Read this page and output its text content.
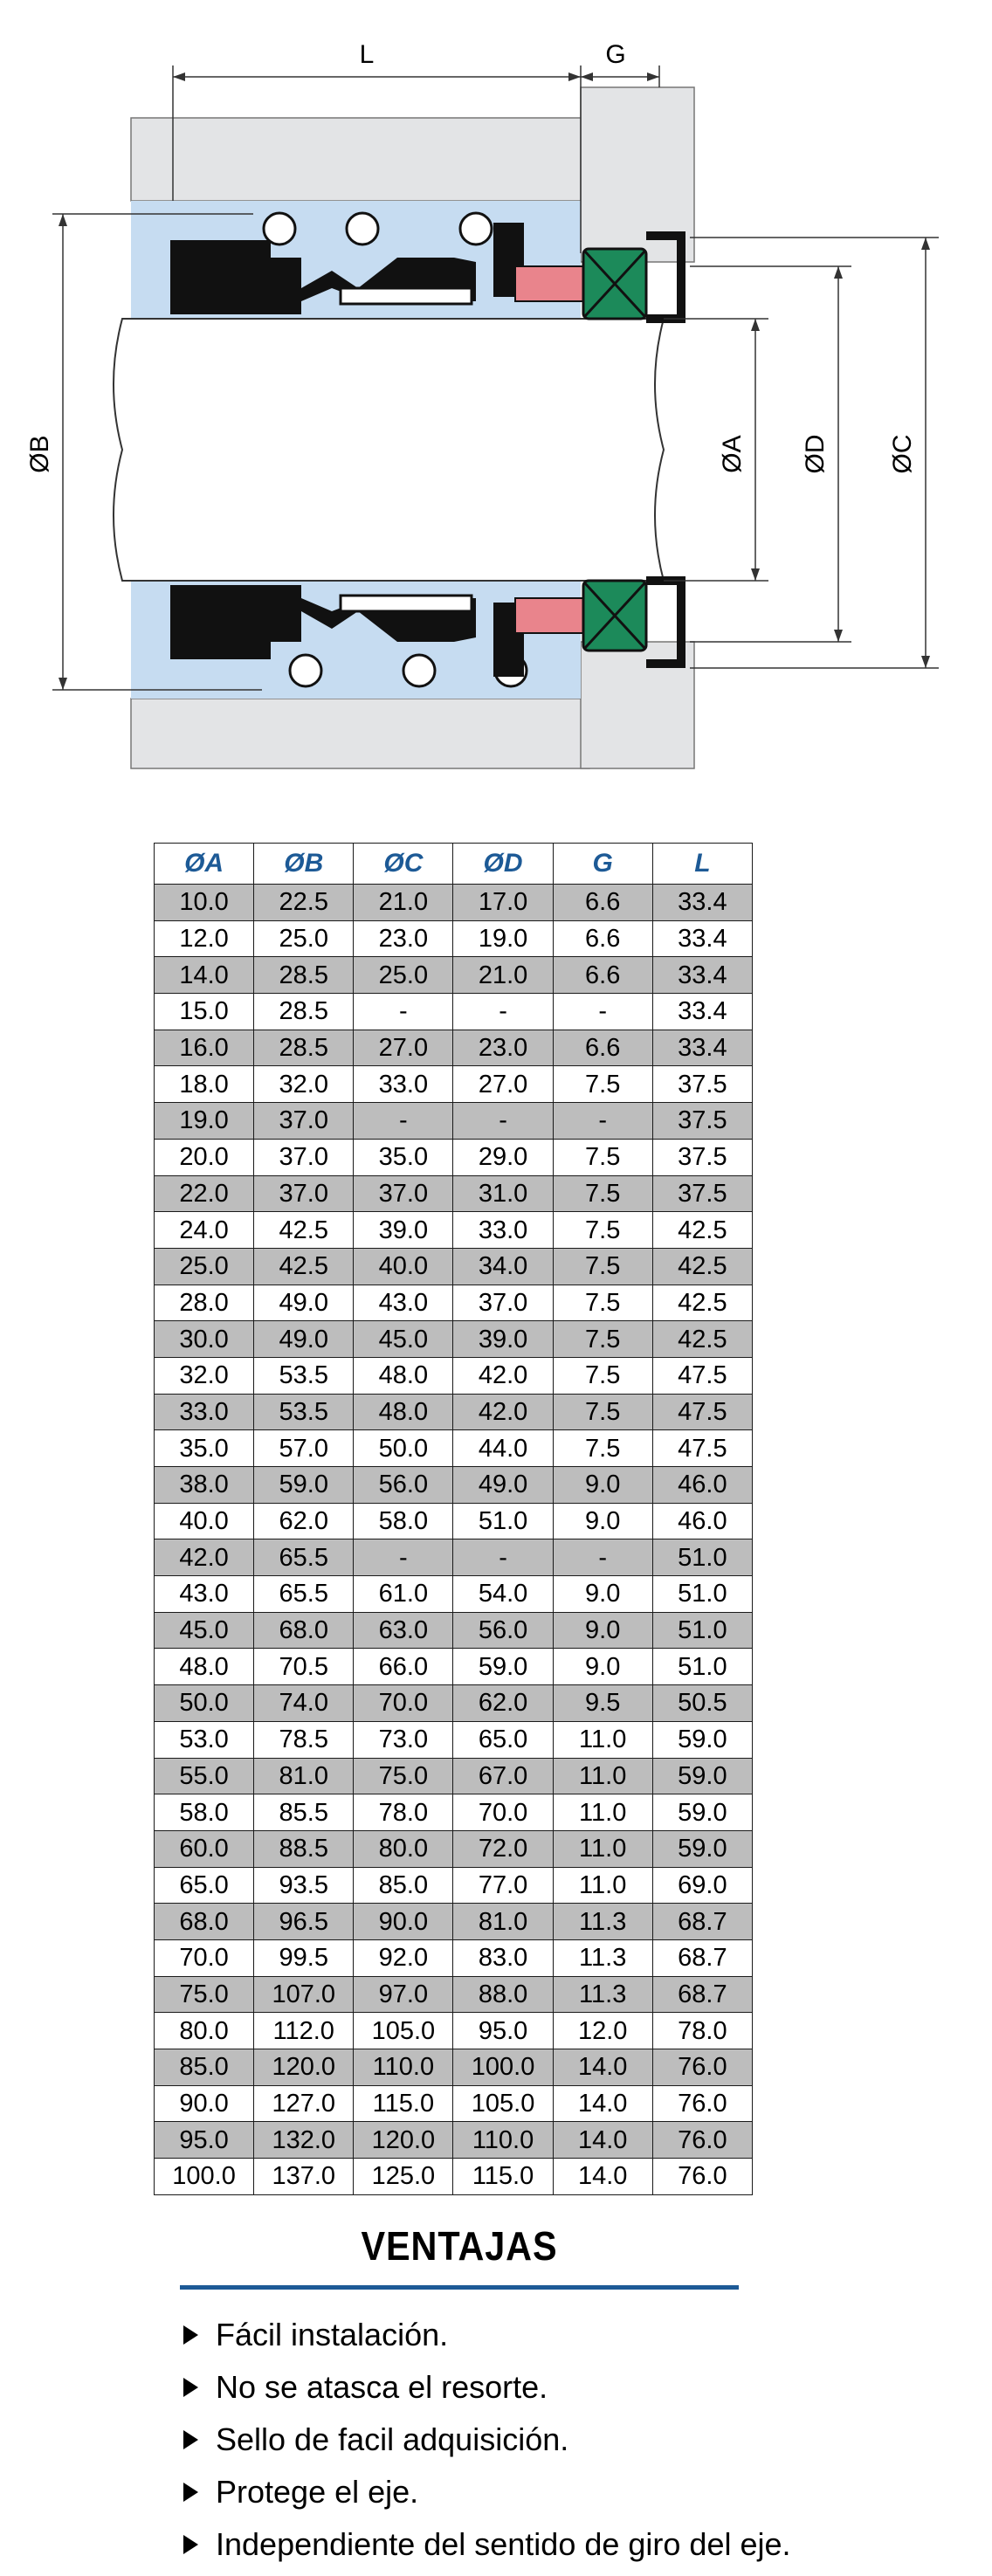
L	G
ØB	ØA ØD ØC
ØA	ØB	ØC	ØD	G	L
10.0	22.5	21.0	17.0	6.6	33.4
12.0	25.0	23.0	19.0	6.6	33.4
14.0	28.5	25.0	21.0	6.6	33.4
15.0	28.5	-	-	-	33.4
16.0	28.5	27.0	23.0	6.6	33.4
18.0	32.0	33.0	27.0	7.5	37.5
19.0	37.0	-	-	-	37.5
20.0	37.0	35.0	29.0	7.5	37.5
22.0	37.0	37.0	31.0	7.5	37.5
24.0	42.5	39.0	33.0	7.5	42.5
25.0	42.5	40.0	34.0	7.5	42.5
28.0	49.0	43.0	37.0	7.5	42.5
30.0	49.0	45.0	39.0	7.5	42.5
32.0	53.5	48.0	42.0	7.5	47.5
33.0	53.5	48.0	42.0	7.5	47.5
35.0	57.0	50.0	44.0	7.5	47.5
38.0	59.0	56.0	49.0	9.0	46.0
40.0	62.0	58.0	51.0	9.0	46.0
42.0	65.5	-	-	-	51.0
43.0	65.5	61.0	54.0	9.0	51.0
45.0	68.0	63.0	56.0	9.0	51.0
48.0	70.5	66.0	59.0	9.0	51.0
50.0	74.0	70.0	62.0	9.5	50.5
53.0	78.5	73.0	65.0	11.0	59.0
55.0	81.0	75.0	67.0	11.0	59.0
58.0	85.5	78.0	70.0	11.0	59.0
60.0	88.5	80.0	72.0	11.0	59.0
65.0	93.5	85.0	77.0	11.0	69.0
68.0	96.5	90.0	81.0	11.3	68.7
70.0	99.5	92.0	83.0	11.3	68.7
75.0	107.0	97.0	88.0	11.3	68.7
80.0	112.0	105.0	95.0	12.0	78.0
85.0	120.0	110.0	100.0	14.0	76.0
90.0	127.0	115.0	105.0	14.0	76.0
95.0	132.0	120.0	110.0	14.0	76.0
100.0	137.0	125.0	115.0	14.0	76.0
VENTAJAS
Fácil instalación.
No se atasca el resorte.
Sello de facil adquisición.
Protege el eje.
Independiente del sentido de giro del eje.
